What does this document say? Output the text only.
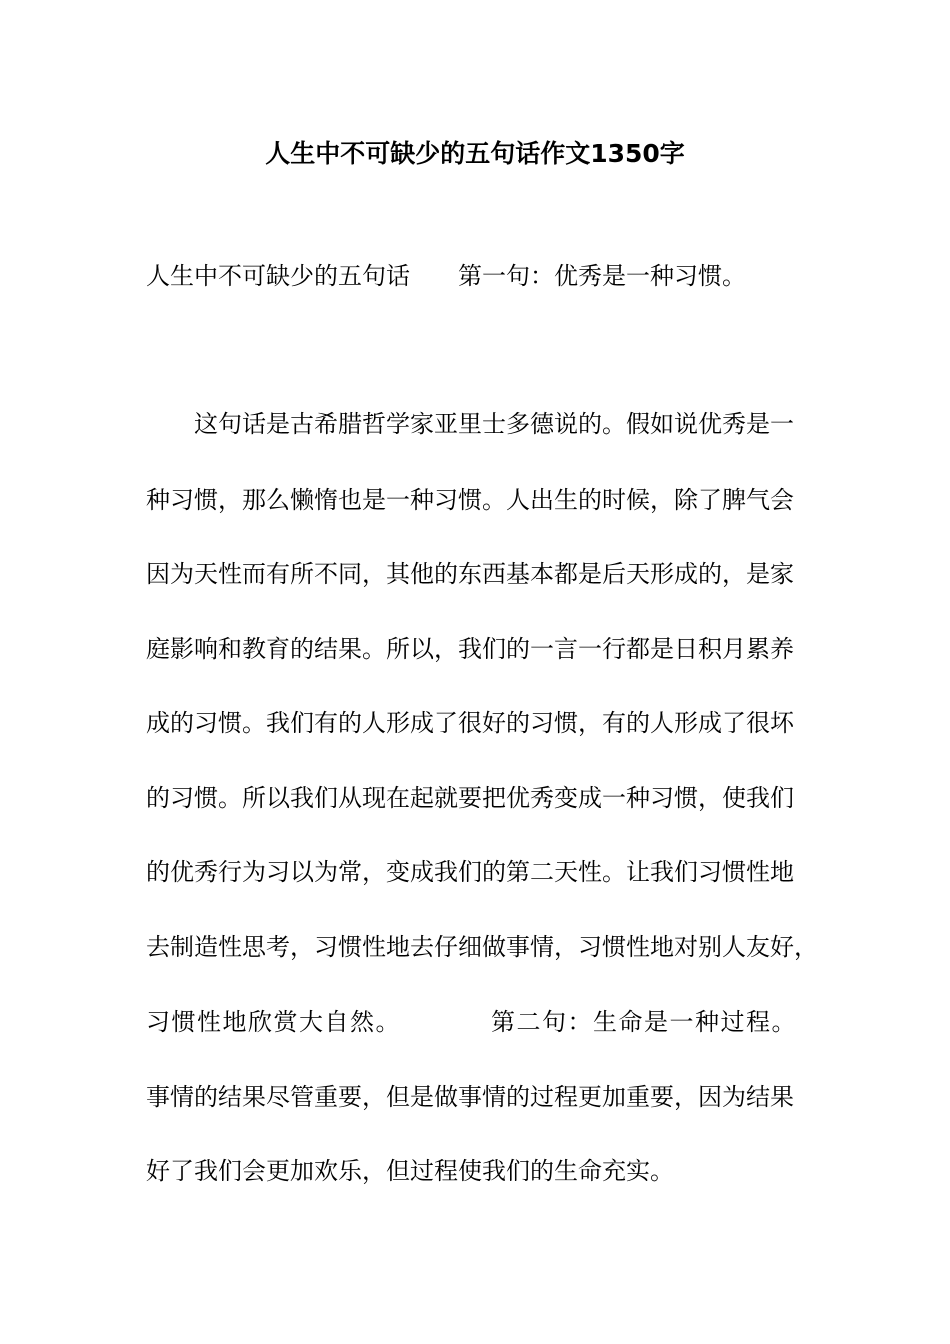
人生中不可缺少的五句话作文1350字

人生中不可缺少的五句话　　第一句：优秀是一种习惯。

　　这句话是古希腊哲学家亚里士多德说的。假如说优秀是一

种习惯，那么懒惰也是一种习惯。人出生的时候，除了脾气会

因为天性而有所不同，其他的东西基本都是后天形成的，是家

庭影响和教育的结果。所以，我们的一言一行都是日积月累养

成的习惯。我们有的人形成了很好的习惯，有的人形成了很坏

的习惯。所以我们从现在起就要把优秀变成一种习惯，使我们

的优秀行为习以为常，变成我们的第二天性。让我们习惯性地

去制造性思考，习惯性地去仔细做事情，习惯性地对别人友好，

习惯性地欣赏大自然。　　　　第二句：生命是一种过程。

事情的结果尽管重要，但是做事情的过程更加重要，因为结果

好了我们会更加欢乐，但过程使我们的生命充实。
